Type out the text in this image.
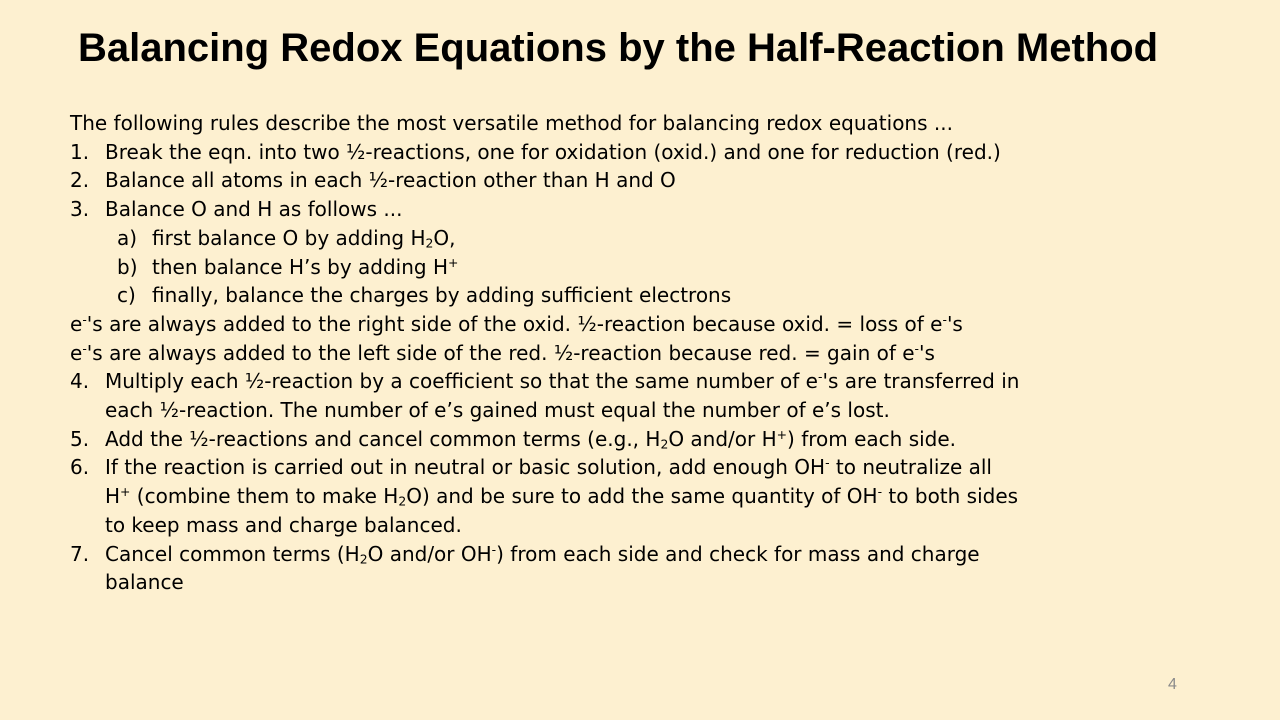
Balancing Redox Equations by the Half-Reaction Method
The following rules describe the most versatile method for balancing redox equations ...
1. Break the eqn. into two ½-reactions, one for oxidation (oxid.) and one for reduction (red.)
2. Balance all atoms in each ½-reaction other than H and O
3. Balance O and H as follows ...
a) first balance O by adding $H_2O$,
b) then balance H’s by adding H+
c) finally, balance the charges by adding sufficient electrons
e-'s are always added to the right side of the oxid. ½-reaction because oxid. = loss of e-'s
e-'s are always added to the left side of the red. ½-reaction because red. = gain of e-'s
4. Multiply each ½-reaction by a coefficient so that the same number of e-'s are transferred in
each ½-reaction. The number of e’s gained must equal the number of e’s lost.
5. Add the ½-reactions and cancel common terms (e.g., $H_2O$ and/or H+) from each side.
6. If the reaction is carried out in neutral or basic solution, add enough OH- to neutralize all
H+ (combine them to make $H_2O$) and be sure to add the same quantity of OH- to both sides
to keep mass and charge balanced.
7. Cancel common terms ($H_2O$ and/or OH-) from each side and check for mass and charge
balance
4
